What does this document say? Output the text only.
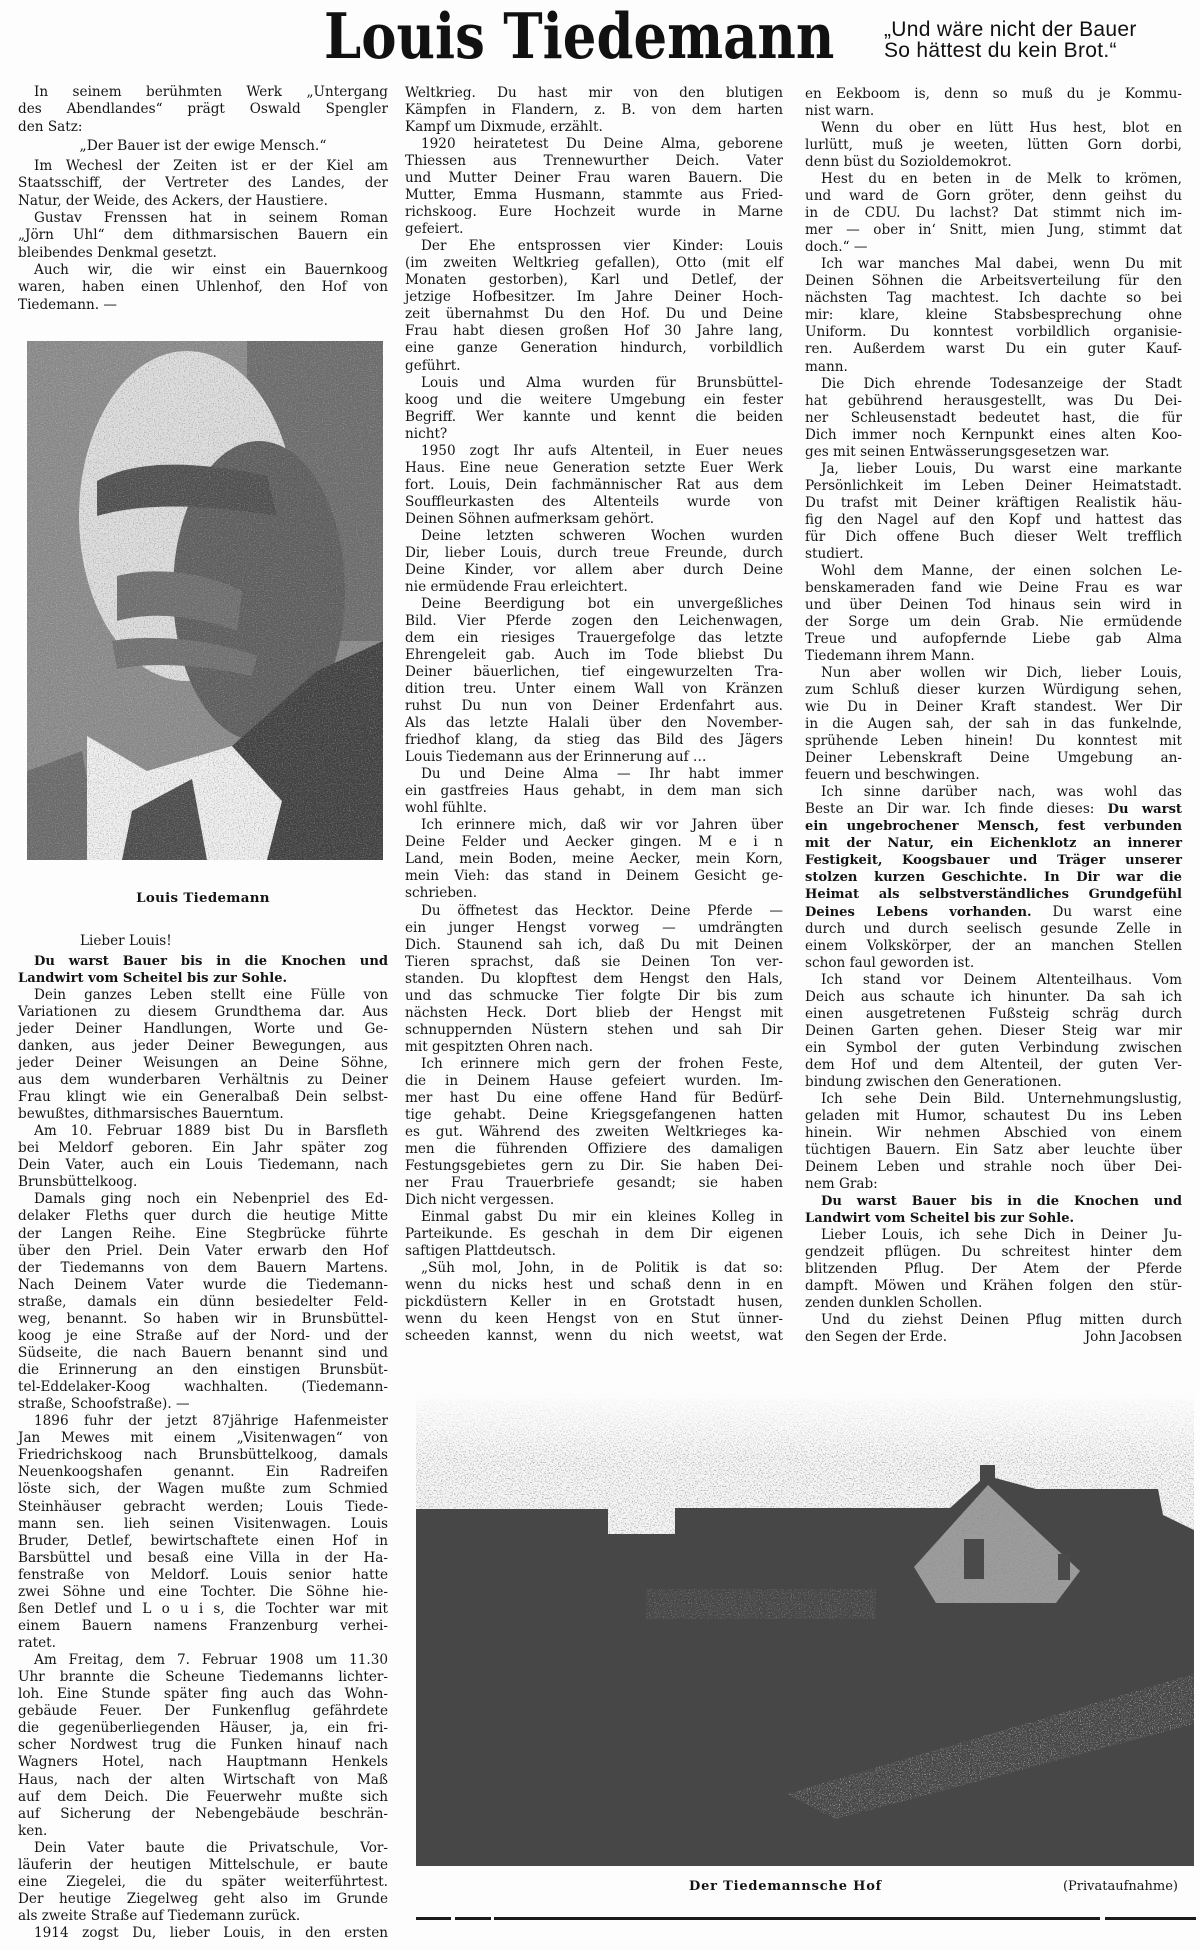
Louis Tiedemann „Und wäre nicht der Bauer
So hättest du kein Brot.“
In seinem berühmten Werk „Untergang
des Abendlandes“ prägt Oswald Spengler
den Satz:
„Der Bauer ist der ewige Mensch.“
Im Wechesl der Zeiten ist er der Kiel am
Staatsschiff, der Vertreter des Landes, der
Natur, der Weide, des Ackers, der Haustiere.
Gustav Frenssen hat in seinem Roman
„Jörn Uhl“ dem dithmarsischen Bauern ein
bleibendes Denkmal gesetzt.
Auch wir, die wir einst ein Bauernkoog
waren, haben einen Uhlenhof, den Hof von
Tiedemann. —
Louis Tiedemann
Lieber Louis!
Du warst Bauer bis in die Knochen und
Landwirt vom Scheitel bis zur Sohle.
Dein ganzes Leben stellt eine Fülle von
Variationen zu diesem Grundthema dar. Aus
jeder Deiner Handlungen, Worte und Ge-
danken, aus jeder Deiner Bewegungen, aus
jeder Deiner Weisungen an Deine Söhne,
aus dem wunderbaren Verhältnis zu Deiner
Frau klingt wie ein Generalbaß Dein selbst-
bewußtes, dithmarsisches Bauerntum.
Am 10. Februar 1889 bist Du in Barsfleth
bei Meldorf geboren. Ein Jahr später zog
Dein Vater, auch ein Louis Tiedemann, nach
Brunsbüttelkoog.
Damals ging noch ein Nebenpriel des Ed-
delaker Fleths quer durch die heutige Mitte
der Langen Reihe. Eine Stegbrücke führte
über den Priel. Dein Vater erwarb den Hof
der Tiedemanns von dem Bauern Martens.
Nach Deinem Vater wurde die Tiedemann-
straße, damals ein dünn besiedelter Feld-
weg, benannt. So haben wir in Brunsbüttel-
koog je eine Straße auf der Nord- und der
Südseite, die nach Bauern benannt sind und
die Erinnerung an den einstigen Brunsbüt-
tel-Eddelaker-Koog wachhalten. (Tiedemann-
straße, Schoofstraße). —
1896 fuhr der jetzt 87jährige Hafenmeister
Jan Mewes mit einem „Visitenwagen“ von
Friedrichskoog nach Brunsbüttelkoog, damals
Neuenkoogshafen genannt. Ein Radreifen
löste sich, der Wagen mußte zum Schmied
Steinhäuser gebracht werden; Louis Tiede-
mann sen. lieh seinen Visitenwagen. Louis
Bruder, Detlef, bewirtschaftete einen Hof in
Barsbüttel und besaß eine Villa in der Ha-
fenstraße von Meldorf. Louis senior hatte
zwei Söhne und eine Tochter. Die Söhne hie-
ßen Detlef und L o u i s, die Tochter war mit
einem Bauern namens Franzenburg verhei-
ratet.
Am Freitag, dem 7. Februar 1908 um 11.30
Uhr brannte die Scheune Tiedemanns lichter-
loh. Eine Stunde später fing auch das Wohn-
gebäude Feuer. Der Funkenflug gefährdete
die gegenüberliegenden Häuser, ja, ein fri-
scher Nordwest trug die Funken hinauf nach
Wagners Hotel, nach Hauptmann Henkels
Haus, nach der alten Wirtschaft von Maß
auf dem Deich. Die Feuerwehr mußte sich
auf Sicherung der Nebengebäude beschrän-
ken.
Dein Vater baute die Privatschule, Vor-
läuferin der heutigen Mittelschule, er baute
eine Ziegelei, die du später weiterführtest.
Der heutige Ziegelweg geht also im Grunde
als zweite Straße auf Tiedemann zurück.
1914 zogst Du, lieber Louis, in den ersten
Weltkrieg. Du hast mir von den blutigen
Kämpfen in Flandern, z. B. von dem harten
Kampf um Dixmude, erzählt.
1920 heiratetest Du Deine Alma, geborene
Thiessen aus Trennewurther Deich. Vater
und Mutter Deiner Frau waren Bauern. Die
Mutter, Emma Husmann, stammte aus Fried-
richskoog. Eure Hochzeit wurde in Marne
gefeiert.
Der Ehe entsprossen vier Kinder: Louis
(im zweiten Weltkrieg gefallen), Otto (mit elf
Monaten gestorben), Karl und Detlef, der
jetzige Hofbesitzer. Im Jahre Deiner Hoch-
zeit übernahmst Du den Hof. Du und Deine
Frau habt diesen großen Hof 30 Jahre lang,
eine ganze Generation hindurch, vorbildlich
geführt.
Louis und Alma wurden für Brunsbüttel-
koog und die weitere Umgebung ein fester
Begriff. Wer kannte und kennt die beiden
nicht?
1950 zogt Ihr aufs Altenteil, in Euer neues
Haus. Eine neue Generation setzte Euer Werk
fort. Louis, Dein fachmännischer Rat aus dem
Souffleurkasten des Altenteils wurde von
Deinen Söhnen aufmerksam gehört.
Deine letzten schweren Wochen wurden
Dir, lieber Louis, durch treue Freunde, durch
Deine Kinder, vor allem aber durch Deine
nie ermüdende Frau erleichtert.
Deine Beerdigung bot ein unvergeßliches
Bild. Vier Pferde zogen den Leichenwagen,
dem ein riesiges Trauergefolge das letzte
Ehrengeleit gab. Auch im Tode bliebst Du
Deiner bäuerlichen, tief eingewurzelten Tra-
dition treu. Unter einem Wall von Kränzen
ruhst Du nun von Deiner Erdenfahrt aus.
Als das letzte Halali über den November-
friedhof klang, da stieg das Bild des Jägers
Louis Tiedemann aus der Erinnerung auf …
Du und Deine Alma — Ihr habt immer
ein gastfreies Haus gehabt, in dem man sich
wohl fühlte.
Ich erinnere mich, daß wir vor Jahren über
Deine Felder und Aecker gingen. M e i n
Land, mein Boden, meine Aecker, mein Korn,
mein Vieh: das stand in Deinem Gesicht ge-
schrieben.
Du öffnetest das Hecktor. Deine Pferde —
ein junger Hengst vorweg — umdrängten
Dich. Staunend sah ich, daß Du mit Deinen
Tieren sprachst, daß sie Deinen Ton ver-
standen. Du klopftest dem Hengst den Hals,
und das schmucke Tier folgte Dir bis zum
nächsten Heck. Dort blieb der Hengst mit
schnuppernden Nüstern stehen und sah Dir
mit gespitzten Ohren nach.
Ich erinnere mich gern der frohen Feste,
die in Deinem Hause gefeiert wurden. Im-
mer hast Du eine offene Hand für Bedürf-
tige gehabt. Deine Kriegsgefangenen hatten
es gut. Während des zweiten Weltkrieges ka-
men die führenden Offiziere des damaligen
Festungsgebietes gern zu Dir. Sie haben Dei-
ner Frau Trauerbriefe gesandt; sie haben
Dich nicht vergessen.
Einmal gabst Du mir ein kleines Kolleg in
Parteikunde. Es geschah in dem Dir eigenen
saftigen Plattdeutsch.
„Süh mol, John, in de Politik is dat so:
wenn du nicks hest und schaß denn in en
pickdüstern Keller in en Grotstadt husen,
wenn du keen Hengst von en Stut ünner-
scheeden kannst, wenn du nich weetst, wat
en Eekboom is, denn so muß du je Kommu-
nist warn.
Wenn du ober en lütt Hus hest, blot en
lurlütt, muß je weeten, lütten Gorn dorbi,
denn büst du Sozioldemokrot.
Hest du en beten in de Melk to krömen,
und ward de Gorn gröter, denn geihst du
in de CDU. Du lachst? Dat stimmt nich im-
mer — ober in‘ Snitt, mien Jung, stimmt dat
doch.“ —
Ich war manches Mal dabei, wenn Du mit
Deinen Söhnen die Arbeitsverteilung für den
nächsten Tag machtest. Ich dachte so bei
mir: klare, kleine Stabsbesprechung ohne
Uniform. Du konntest vorbildlich organisie-
ren. Außerdem warst Du ein guter Kauf-
mann.
Die Dich ehrende Todesanzeige der Stadt
hat gebührend herausgestellt, was Du Dei-
ner Schleusenstadt bedeutet hast, die für
Dich immer noch Kernpunkt eines alten Koo-
ges mit seinen Entwässerungsgesetzen war.
Ja, lieber Louis, Du warst eine markante
Persönlichkeit im Leben Deiner Heimatstadt.
Du trafst mit Deiner kräftigen Realistik häu-
fig den Nagel auf den Kopf und hattest das
für Dich offene Buch dieser Welt trefflich
studiert.
Wohl dem Manne, der einen solchen Le-
benskameraden fand wie Deine Frau es war
und über Deinen Tod hinaus sein wird in
der Sorge um dein Grab. Nie ermüdende
Treue und aufopfernde Liebe gab Alma
Tiedemann ihrem Mann.
Nun aber wollen wir Dich, lieber Louis,
zum Schluß dieser kurzen Würdigung sehen,
wie Du in Deiner Kraft standest. Wer Dir
in die Augen sah, der sah in das funkelnde,
sprühende Leben hinein! Du konntest mit
Deiner Lebenskraft Deine Umgebung an-
feuern und beschwingen.
Ich sinne darüber nach, was wohl das
Beste an Dir war. Ich finde dieses: Du warst
ein ungebrochener Mensch, fest verbunden
mit der Natur, ein Eichenklotz an innerer
Festigkeit, Koogsbauer und Träger unserer
stolzen kurzen Geschichte. In Dir war die
Heimat als selbstverständliches Grundgefühl
Deines Lebens vorhanden. Du warst eine
durch und durch seelisch gesunde Zelle in
einem Volkskörper, der an manchen Stellen
schon faul geworden ist.
Ich stand vor Deinem Altenteilhaus. Vom
Deich aus schaute ich hinunter. Da sah ich
einen ausgetretenen Fußsteig schräg durch
Deinen Garten gehen. Dieser Steig war mir
ein Symbol der guten Verbindung zwischen
dem Hof und dem Altenteil, der guten Ver-
bindung zwischen den Generationen.
Ich sehe Dein Bild. Unternehmungslustig,
geladen mit Humor, schautest Du ins Leben
hinein. Wir nehmen Abschied von einem
tüchtigen Bauern. Ein Satz aber leuchte über
Deinem Leben und strahle noch über Dei-
nem Grab:
Du warst Bauer bis in die Knochen und
Landwirt vom Scheitel bis zur Sohle.
Lieber Louis, ich sehe Dich in Deiner Ju-
gendzeit pflügen. Du schreitest hinter dem
blitzenden Pflug. Der Atem der Pferde
dampft. Möwen und Krähen folgen den stür-
zenden dunklen Schollen.
Und du ziehst Deinen Pflug mitten durch
den Segen der Erde.	John Jacobsen
Der Tiedemannsche Hof	(Privataufnahme)
